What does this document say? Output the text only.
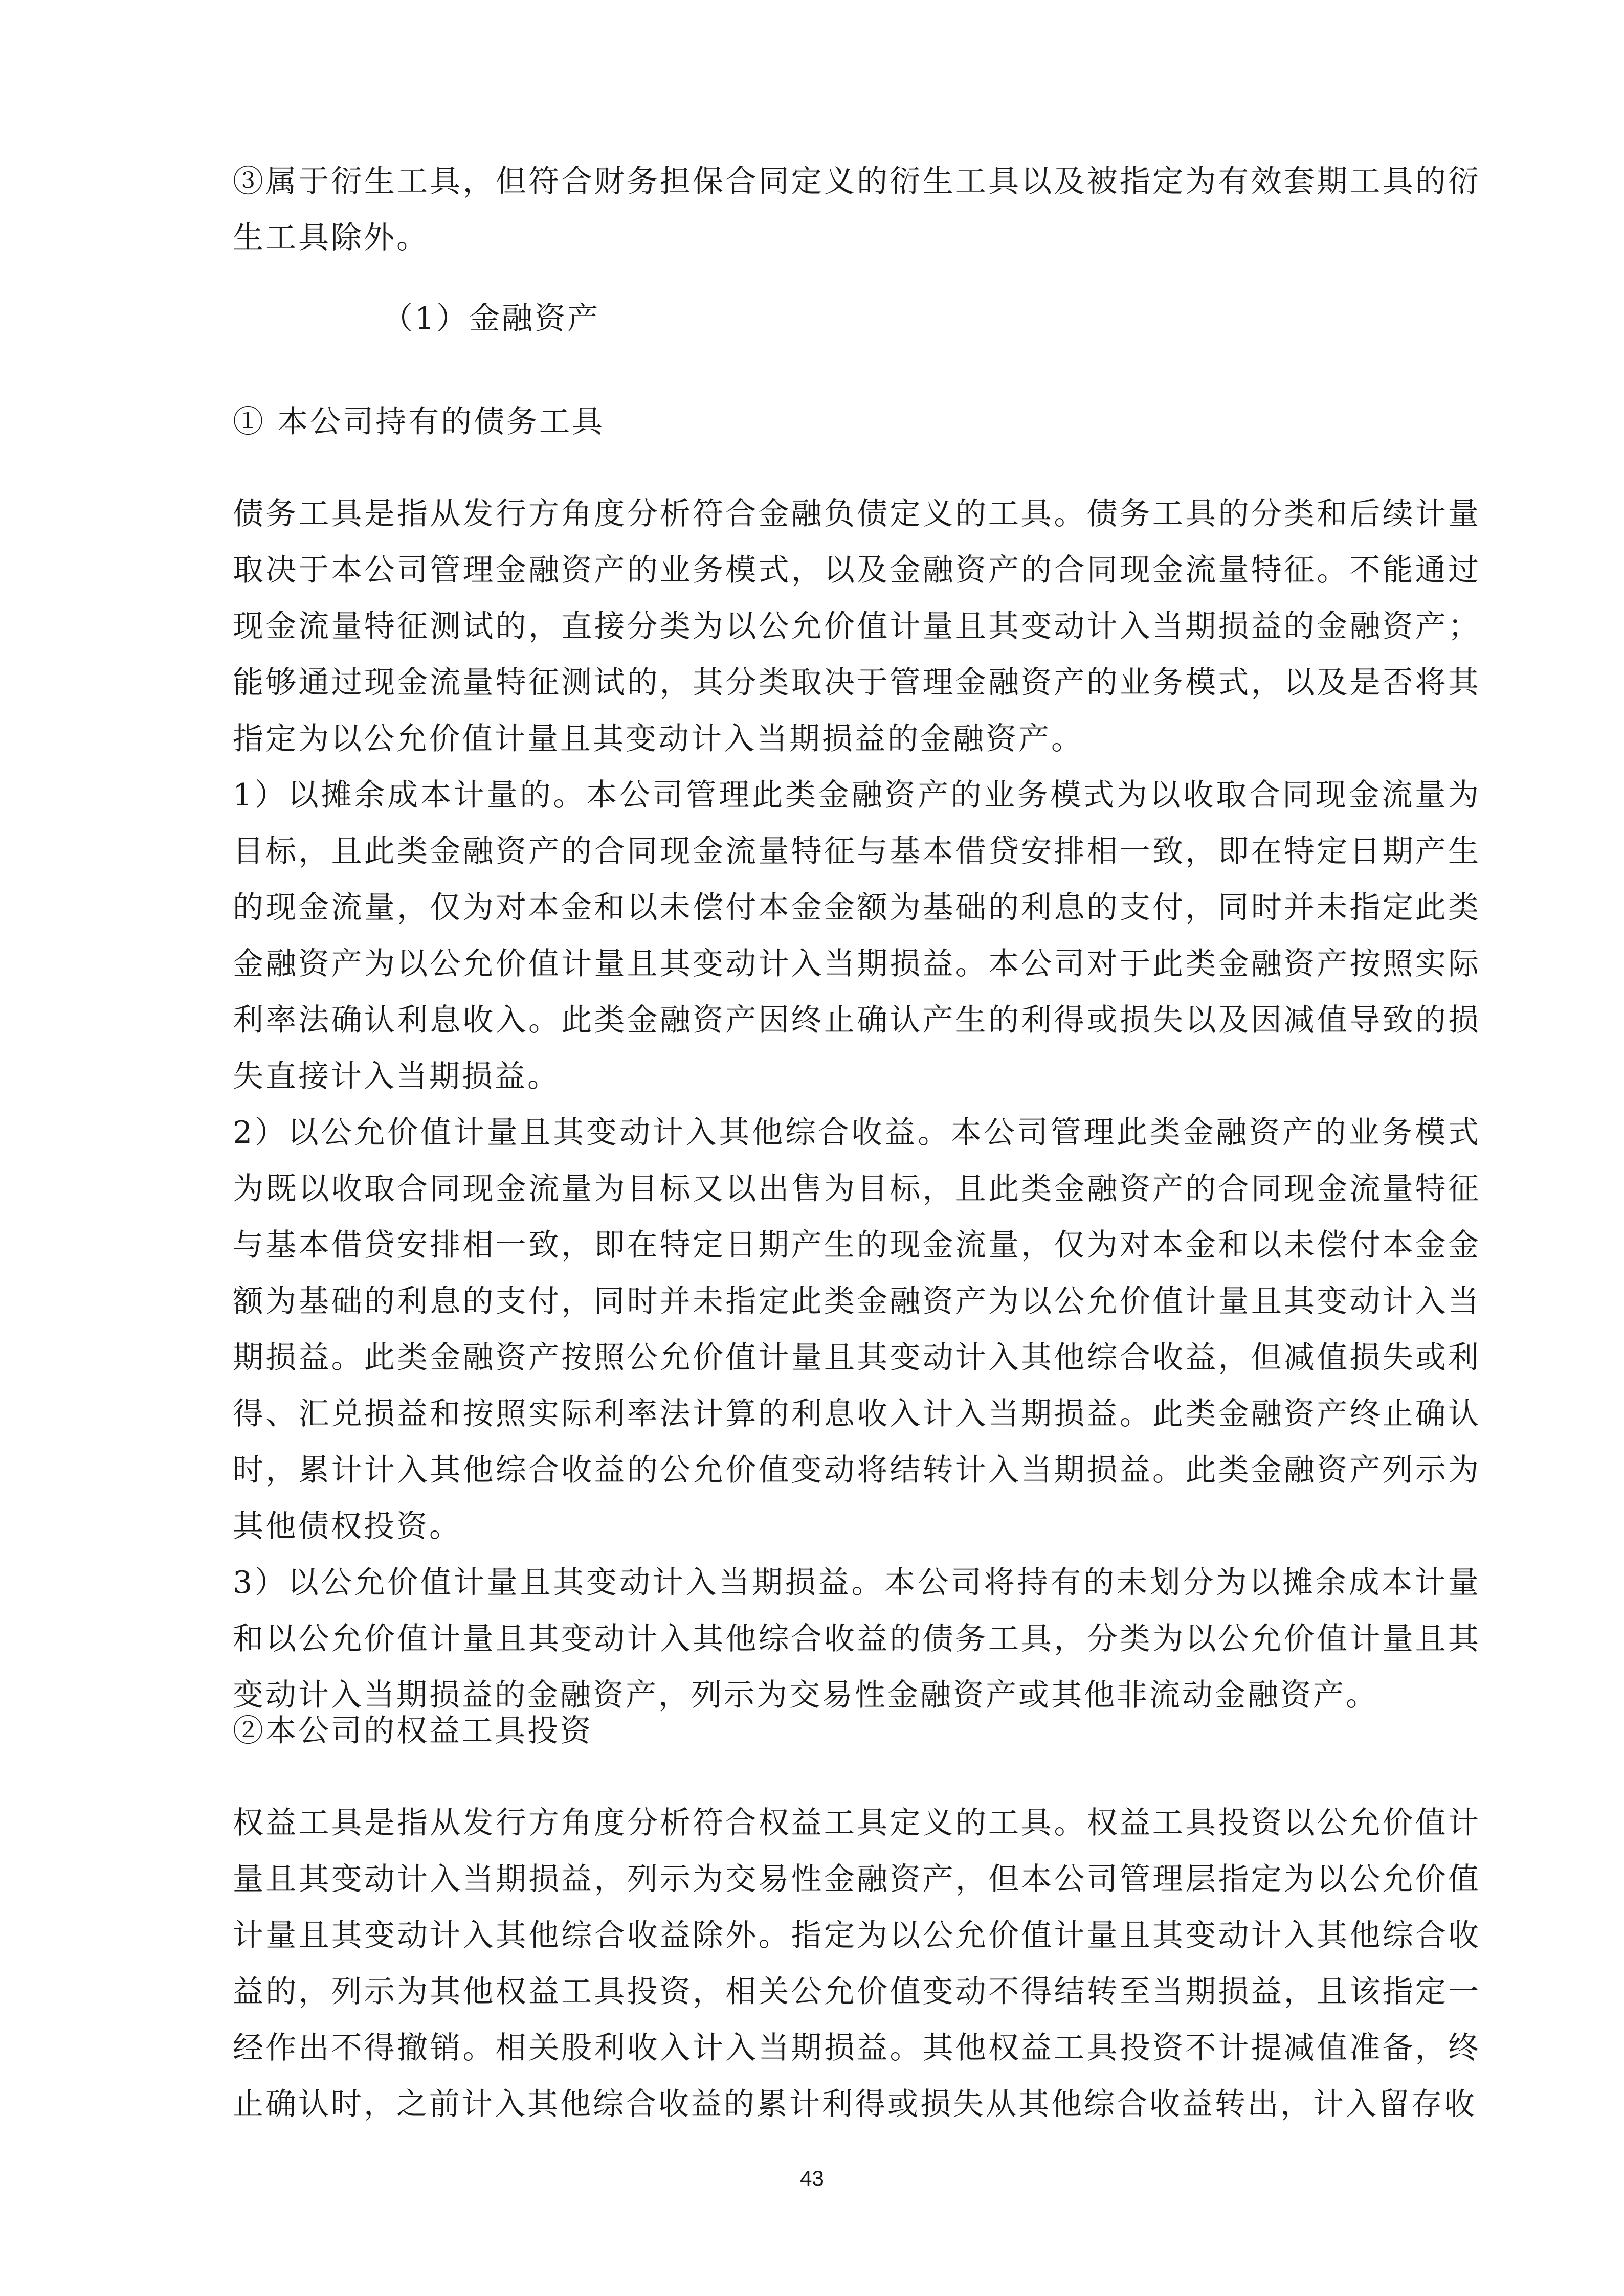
③属于衍生工具，但符合财务担保合同定义的衍生工具以及被指定为有效套期工具的衍生工具除外。

（1）金融资产

① 本公司持有的债务工具

债务工具是指从发行方角度分析符合金融负债定义的工具。债务工具的分类和后续计量取决于本公司管理金融资产的业务模式，以及金融资产的合同现金流量特征。不能通过现金流量特征测试的，直接分类为以公允价值计量且其变动计入当期损益的金融资产；能够通过现金流量特征测试的，其分类取决于管理金融资产的业务模式，以及是否将其指定为以公允价值计量且其变动计入当期损益的金融资产。

1）以摊余成本计量的。本公司管理此类金融资产的业务模式为以收取合同现金流量为目标，且此类金融资产的合同现金流量特征与基本借贷安排相一致，即在特定日期产生的现金流量，仅为对本金和以未偿付本金金额为基础的利息的支付，同时并未指定此类金融资产为以公允价值计量且其变动计入当期损益。本公司对于此类金融资产按照实际利率法确认利息收入。此类金融资产因终止确认产生的利得或损失以及因减值导致的损失直接计入当期损益。

2）以公允价值计量且其变动计入其他综合收益。本公司管理此类金融资产的业务模式为既以收取合同现金流量为目标又以出售为目标，且此类金融资产的合同现金流量特征与基本借贷安排相一致，即在特定日期产生的现金流量，仅为对本金和以未偿付本金金额为基础的利息的支付，同时并未指定此类金融资产为以公允价值计量且其变动计入当期损益。此类金融资产按照公允价值计量且其变动计入其他综合收益，但减值损失或利得、汇兑损益和按照实际利率法计算的利息收入计入当期损益。此类金融资产终止确认时，累计计入其他综合收益的公允价值变动将结转计入当期损益。此类金融资产列示为其他债权投资。

3）以公允价值计量且其变动计入当期损益。本公司将持有的未划分为以摊余成本计量和以公允价值计量且其变动计入其他综合收益的债务工具，分类为以公允价值计量且其变动计入当期损益的金融资产，列示为交易性金融资产或其他非流动金融资产。

②本公司的权益工具投资

权益工具是指从发行方角度分析符合权益工具定义的工具。权益工具投资以公允价值计量且其变动计入当期损益，列示为交易性金融资产，但本公司管理层指定为以公允价值计量且其变动计入其他综合收益除外。指定为以公允价值计量且其变动计入其他综合收益的，列示为其他权益工具投资，相关公允价值变动不得结转至当期损益，且该指定一经作出不得撤销。相关股利收入计入当期损益。其他权益工具投资不计提减值准备，终止确认时，之前计入其他综合收益的累计利得或损失从其他综合收益转出，计入留存收

43
